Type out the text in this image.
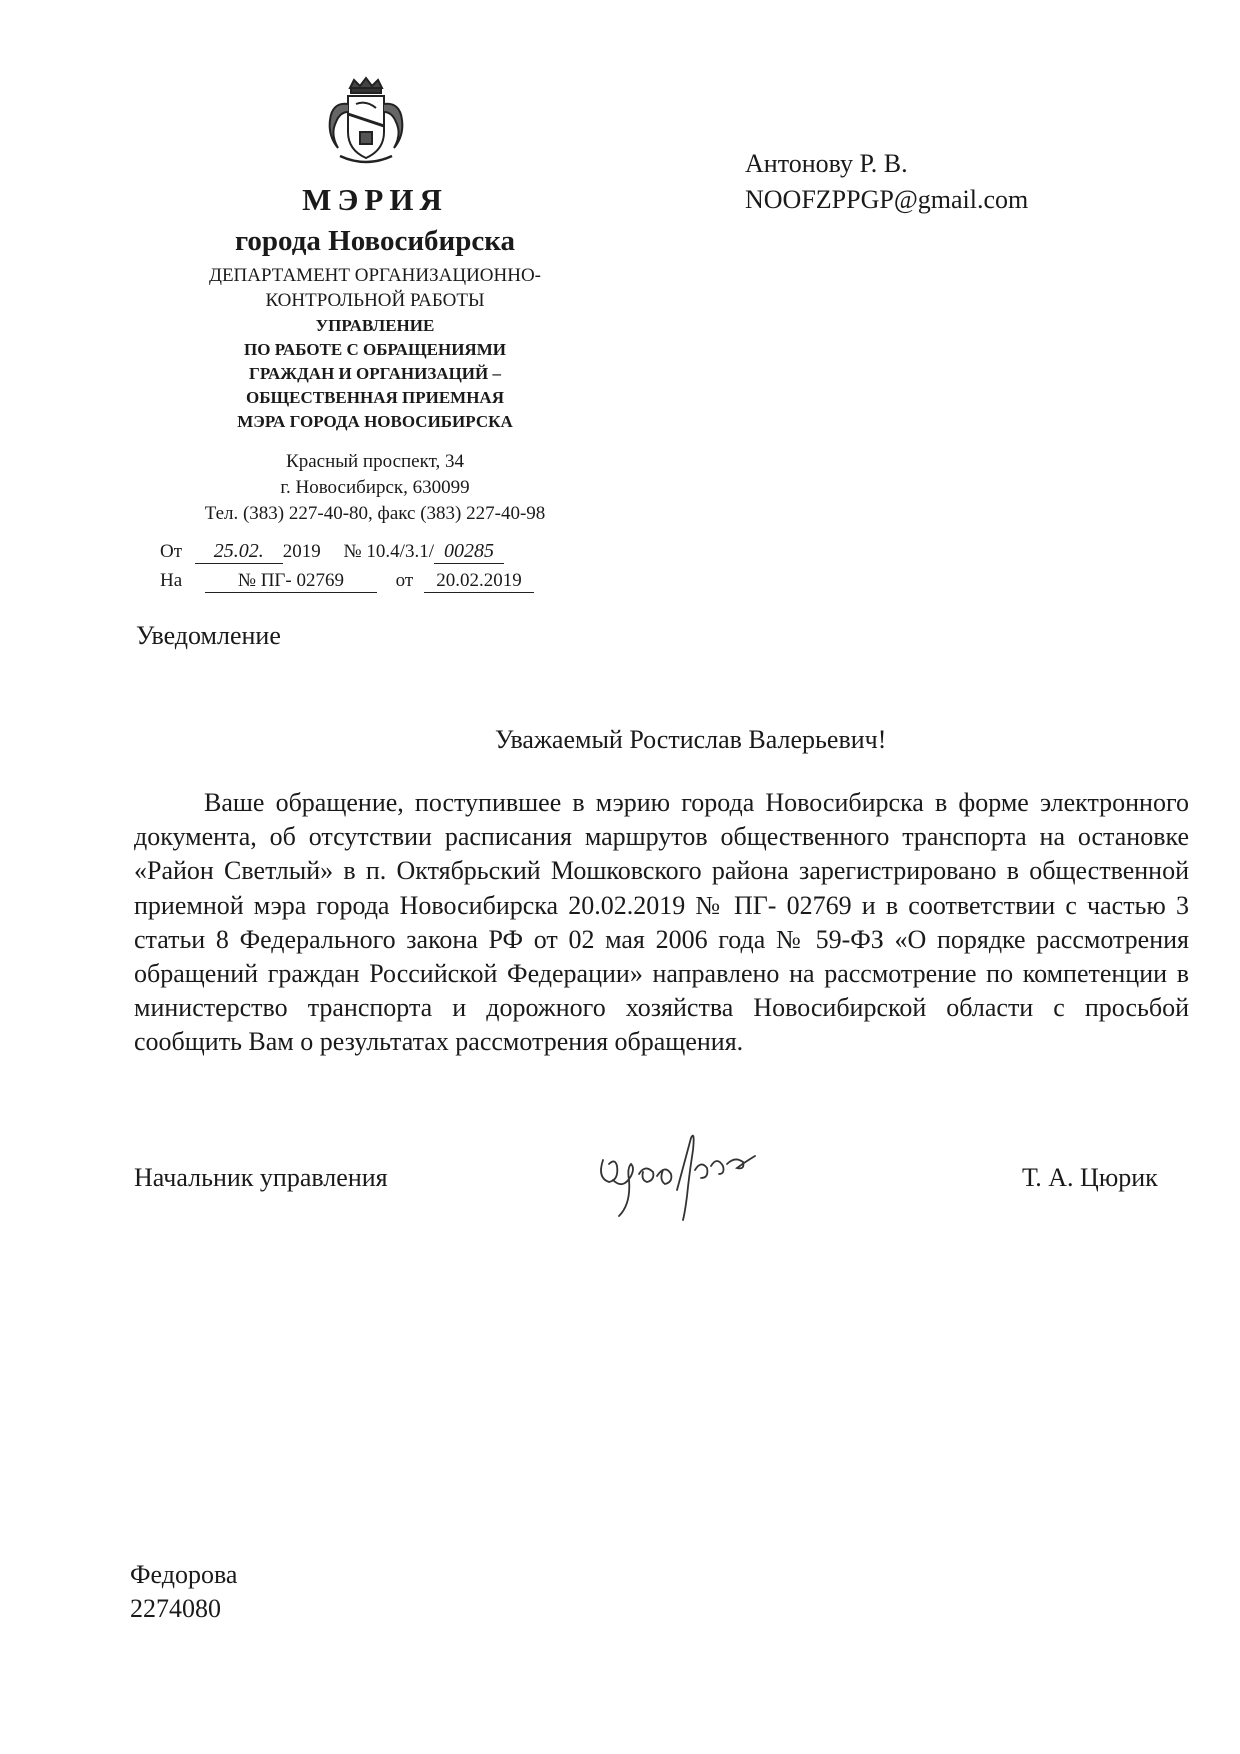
МЭРИЯ
города Новосибирска
ДЕПАРТАМЕНТ ОРГАНИЗАЦИОННО-
КОНТРОЛЬНОЙ РАБОТЫ
УПРАВЛЕНИЕ
ПО РАБОТЕ С ОБРАЩЕНИЯМИ
ГРАЖДАН И ОРГАНИЗАЦИЙ –
ОБЩЕСТВЕННАЯ ПРИЕМНАЯ
МЭРА ГОРОДА НОВОСИБИРСКА
Красный проспект, 34
г. Новосибирск, 630099
Тел. (383) 227-40-80, факс (383) 227-40-98
От 25.02. 2019 № 10.4/3.1/ 00285
На	№ ПГ- 02769	от 20.02.2019
Антонову Р. В.
NOOFZPPGP@gmail.com
Уведомление
Уважаемый Ростислав Валерьевич!
Ваше обращение, поступившее в мэрию города Новосибирска в форме электронного документа, об отсутствии расписания маршрутов общественного транспорта на остановке «Район Светлый» в п. Октябрьский Мошковского района зарегистрировано в общественной приемной мэра города Новосибирска 20.02.2019 № ПГ- 02769 и в соответствии с частью 3 статьи 8 Федерального закона РФ от 02 мая 2006 года № 59-ФЗ «О порядке рассмотрения обращений граждан Российской Федерации» направлено на рассмотрение по компетенции в министерство транспорта и дорожного хозяйства Новосибирской области с просьбой сообщить Вам о результатах рассмотрения обращения.
Начальник управления	Т. А. Цюрик
Федорова
2274080
